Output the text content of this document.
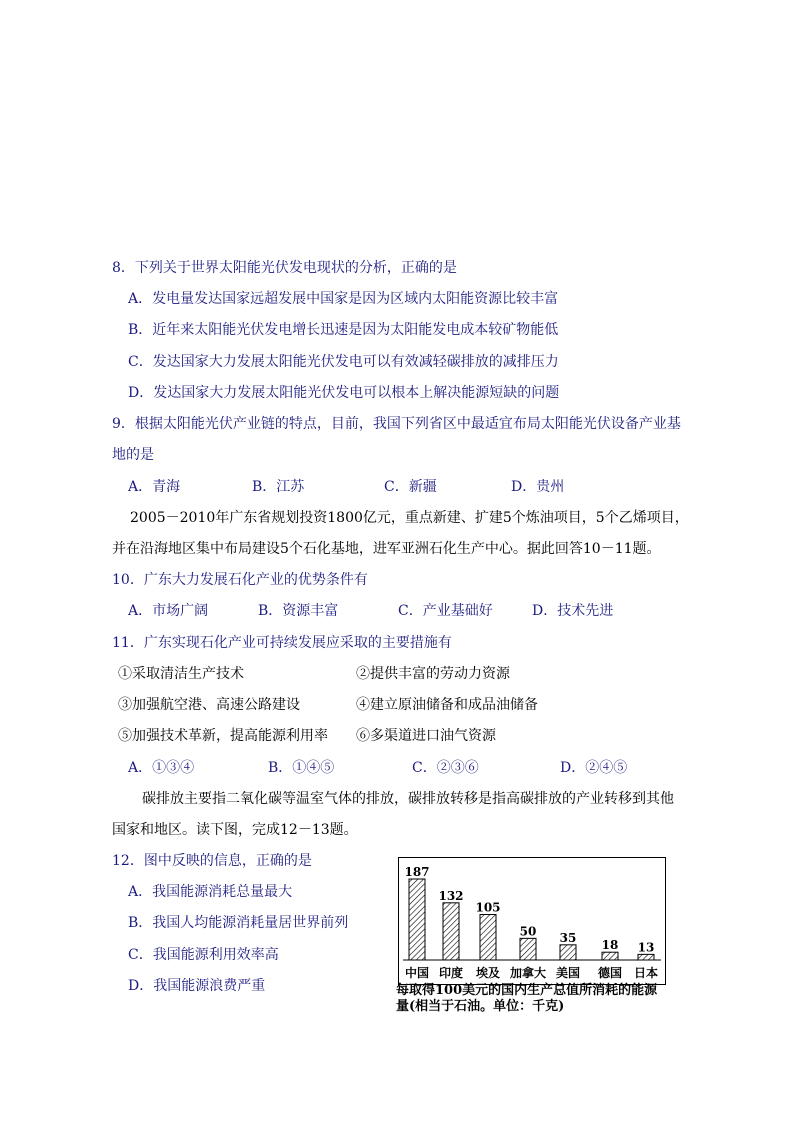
8．下列关于世界太阳能光伏发电现状的分析，正确的是
A．发电量发达国家远超发展中国家是因为区域内太阳能资源比较丰富
B．近年来太阳能光伏发电增长迅速是因为太阳能发电成本较矿物能低
C．发达国家大力发展太阳能光伏发电可以有效减轻碳排放的减排压力
D．发达国家大力发展太阳能光伏发电可以根本上解决能源短缺的问题
9．根据太阳能光伏产业链的特点，目前，我国下列省区中最适宜布局太阳能光伏设备产业基
地的是
A．青海	B．江苏	C．新疆	D．贵州
2005－2010年广东省规划投资1800亿元，重点新建、扩建5个炼油项目，5个乙烯项目，
并在沿海地区集中布局建设5个石化基地，进军亚洲石化生产中心。据此回答10－11题。
10．广东大力发展石化产业的优势条件有
A．市场广阔	B．资源丰富	C．产业基础好	D．技术先进
11．广东实现石化产业可持续发展应采取的主要措施有
①采取清洁生产技术	②提供丰富的劳动力资源
③加强航空港、高速公路建设	④建立原油储备和成品油储备
⑤加强技术革新，提高能源利用率 ⑥多渠道进口油气资源
A．①③④	B．①④⑤	C．②③⑥	D．②④⑤
碳排放主要指二氧化碳等温室气体的排放，碳排放转移是指高碳排放的产业转移到其他
国家和地区。读下图，完成12－13题。
12．图中反映的信息，正确的是
A．我国能源消耗总量最大
B．我国人均能源消耗量居世界前列
C．我国能源利用效率高
D．我国能源浪费严重
187
中国
132
印度
105
埃及
50
加拿大
35
美国
18
德国
13
日本
每取得100美元的国内生产总值所消耗的能源
量(相当于石油。单位：千克)
